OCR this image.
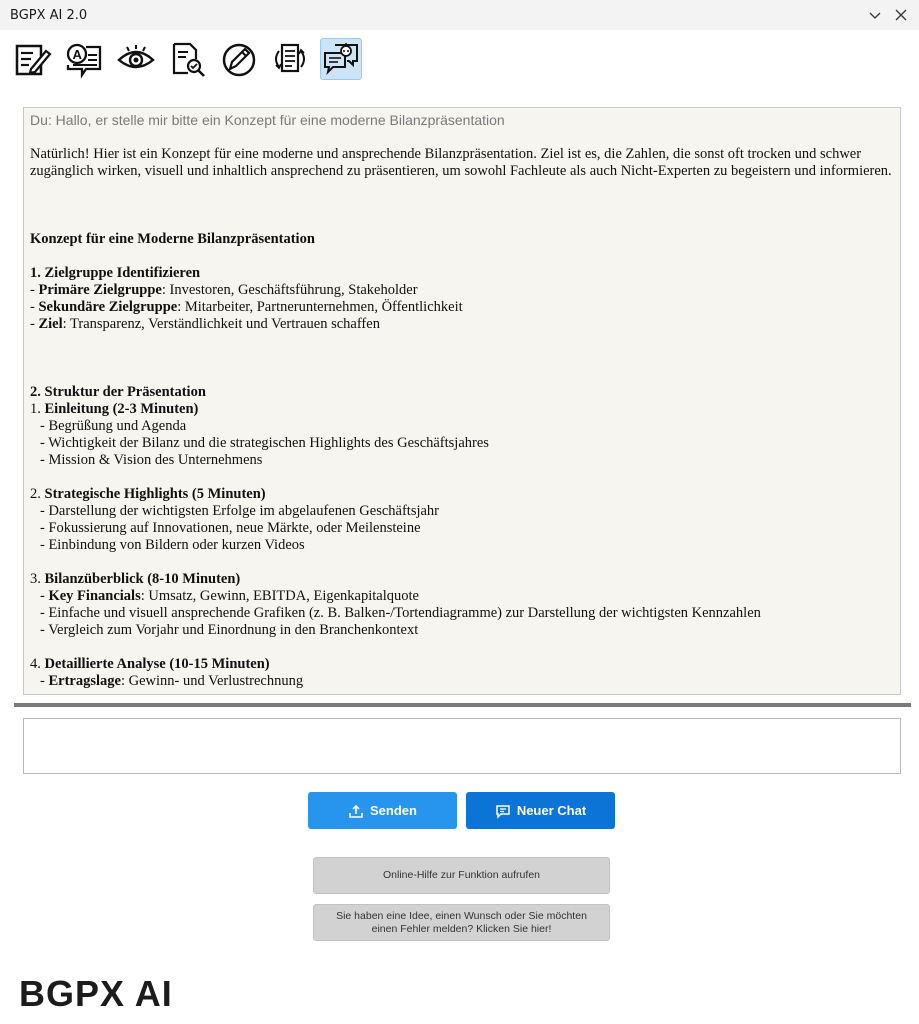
BGPX AI 2.0
A

Du: Hallo, er stelle mir bitte ein Konzept für eine moderne Bilanzpräsentation

Natürlich! Hier ist ein Konzept für eine moderne und ansprechende Bilanzpräsentation. Ziel ist es, die Zahlen, die sonst oft trocken und schwer zugänglich wirken, visuell und inhaltlich ansprechend zu präsentieren, um sowohl Fachleute als auch Nicht-Experten zu begeistern und informieren.

Konzept für eine Moderne Bilanzpräsentation

1. Zielgruppe Identifizieren

- Primäre Zielgruppe: Investoren, Geschäftsführung, Stakeholder

- Sekundäre Zielgruppe: Mitarbeiter, Partnerunternehmen, Öffentlichkeit

- Ziel: Transparenz, Verständlichkeit und Vertrauen schaffen

2. Struktur der Präsentation

1. Einleitung (2-3 Minuten)

- Begrüßung und Agenda

- Wichtigkeit der Bilanz und die strategischen Highlights des Geschäftsjahres

- Mission & Vision des Unternehmens

2. Strategische Highlights (5 Minuten)

- Darstellung der wichtigsten Erfolge im abgelaufenen Geschäftsjahr

- Fokussierung auf Innovationen, neue Märkte, oder Meilensteine

- Einbindung von Bildern oder kurzen Videos

3. Bilanzüberblick (8-10 Minuten)

- Key Financials: Umsatz, Gewinn, EBITDA, Eigenkapitalquote

- Einfache und visuell ansprechende Grafiken (z. B. Balken-/Tortendiagramme) zur Darstellung der wichtigsten Kennzahlen

- Vergleich zum Vorjahr und Einordnung in den Branchenkontext

4. Detaillierte Analyse (10-15 Minuten)

- Ertragslage: Gewinn- und Verlustrechnung

Senden	Neuer Chat
Online-Hilfe zur Funktion aufrufen
Sie haben eine Idee, einen Wunsch oder Sie möchten einen Fehler melden? Klicken Sie hier!
BGPX AI
